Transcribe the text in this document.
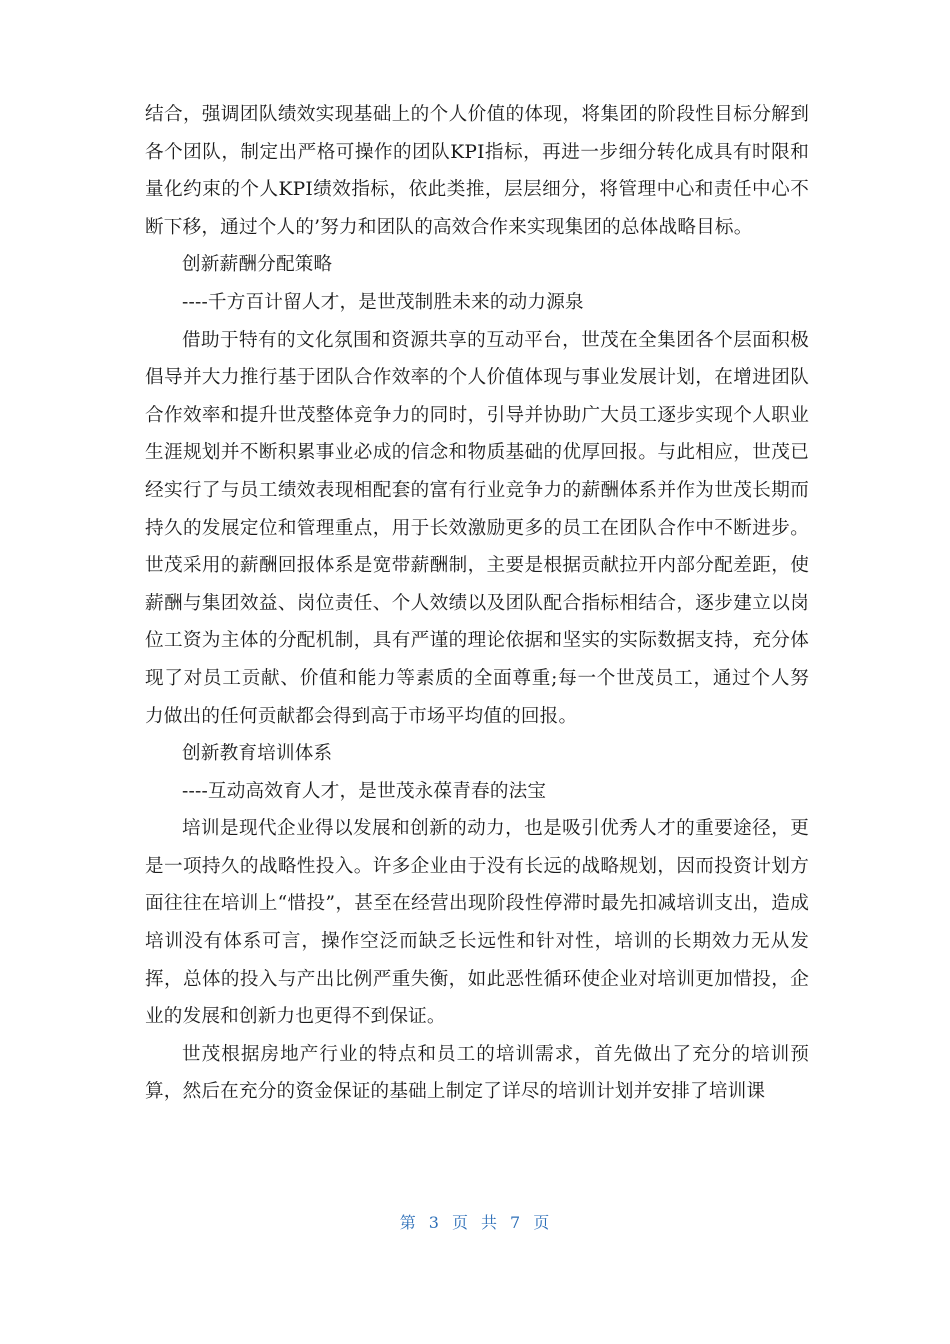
结合，强调团队绩效实现基础上的个人价值的体现，将集团的阶段性目标分解到各个团队，制定出严格可操作的团队KPI指标，再进一步细分转化成具有时限和量化约束的个人KPI绩效指标，依此类推，层层细分，将管理中心和责任中心不断下移，通过个人的’努力和团队的高效合作来实现集团的总体战略目标。

创新薪酬分配策略

----千方百计留人才，是世茂制胜未来的动力源泉

借助于特有的文化氛围和资源共享的互动平台，世茂在全集团各个层面积极倡导并大力推行基于团队合作效率的个人价值体现与事业发展计划，在增进团队合作效率和提升世茂整体竞争力的同时，引导并协助广大员工逐步实现个人职业生涯规划并不断积累事业必成的信念和物质基础的优厚回报。与此相应，世茂已经实行了与员工绩效表现相配套的富有行业竞争力的薪酬体系并作为世茂长期而持久的发展定位和管理重点，用于长效激励更多的员工在团队合作中不断进步。世茂采用的薪酬回报体系是宽带薪酬制，主要是根据贡献拉开内部分配差距，使薪酬与集团效益、岗位责任、个人效绩以及团队配合指标相结合，逐步建立以岗位工资为主体的分配机制，具有严谨的理论依据和坚实的实际数据支持，充分体现了对员工贡献、价值和能力等素质的全面尊重;每一个世茂员工，通过个人努力做出的任何贡献都会得到高于市场平均值的回报。

创新教育培训体系

----互动高效育人才，是世茂永葆青春的法宝

培训是现代企业得以发展和创新的动力，也是吸引优秀人才的重要途径，更是一项持久的战略性投入。许多企业由于没有长远的战略规划，因而投资计划方面往往在培训上“惜投”，甚至在经营出现阶段性停滞时最先扣减培训支出，造成培训没有体系可言，操作空泛而缺乏长远性和针对性，培训的长期效力无从发挥，总体的投入与产出比例严重失衡，如此恶性循环使企业对培训更加惜投，企业的发展和创新力也更得不到保证。

世茂根据房地产行业的特点和员工的培训需求，首先做出了充分的培训预算，然后在充分的资金保证的基础上制定了详尽的培训计划并安排了培训课

第 3 页 共 7 页
